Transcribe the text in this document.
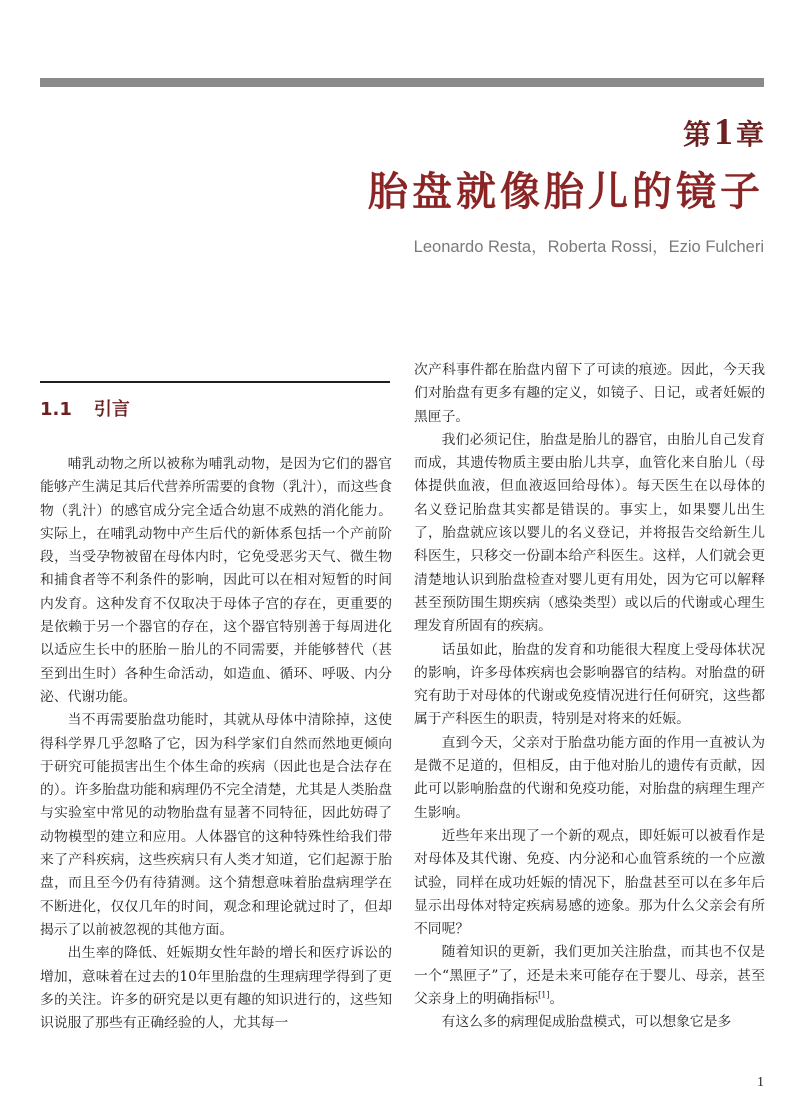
第1 章
胎盘就像胎儿的镜子

Leonardo Resta，Roberta Rossi，Ezio Fulcheri

1.1 引言

哺乳动物之所以被称为哺乳动物，是因为它们的器官能够产生满足其后代营养所需要的食物（乳汁），而这些食物（乳汁）的感官成分完全适合幼崽不成熟的消化能力。实际上，在哺乳动物中产生后代的新体系包括一个产前阶段，当受孕物被留在母体内时，它免受恶劣天气、微生物和捕食者等不利条件的影响，因此可以在相对短暂的时间内发育。这种发育不仅取决于母体子宫的存在，更重要的是依赖于另一个器官的存在，这个器官特别善于每周进化以适应生长中的胚胎－胎儿的不同需要，并能够替代（甚至到出生时）各种生命活动，如造血、循环、呼吸、内分泌、代谢功能。

当不再需要胎盘功能时，其就从母体中清除掉，这使得科学界几乎忽略了它，因为科学家们自然而然地更倾向于研究可能损害出生个体生命的疾病（因此也是合法存在的）。许多胎盘功能和病理仍不完全清楚，尤其是人类胎盘与实验室中常见的动物胎盘有显著不同特征，因此妨碍了动物模型的建立和应用。人体器官的这种特殊性给我们带来了产科疾病，这些疾病只有人类才知道，它们起源于胎盘，而且至今仍有待猜测。这个猜想意味着胎盘病理学在不断进化，仅仅几年的时间，观念和理论就过时了，但却揭示了以前被忽视的其他方面。

出生率的降低、妊娠期女性年龄的增长和医疗诉讼的增加，意味着在过去的10年里胎盘的生理病理学得到了更多的关注。许多的研究是以更有趣的知识进行的，这些知识说服了那些有正确经验的人，尤其每一

次产科事件都在胎盘内留下了可读的痕迹。因此，今天我们对胎盘有更多有趣的定义，如镜子、日记，或者妊娠的黑匣子。

我们必须记住，胎盘是胎儿的器官，由胎儿自己发育而成，其遗传物质主要由胎儿共享，血管化来自胎儿（母体提供血液，但血液返回给母体）。每天医生在以母体的名义登记胎盘其实都是错误的。事实上，如果婴儿出生了，胎盘就应该以婴儿的名义登记，并将报告交给新生儿科医生，只移交一份副本给产科医生。这样，人们就会更清楚地认识到胎盘检查对婴儿更有用处，因为它可以解释甚至预防围生期疾病（感染类型）或以后的代谢或心理生理发育所固有的疾病。

话虽如此，胎盘的发育和功能很大程度上受母体状况的影响，许多母体疾病也会影响器官的结构。对胎盘的研究有助于对母体的代谢或免疫情况进行任何研究，这些都属于产科医生的职责，特别是对将来的妊娠。

直到今天，父亲对于胎盘功能方面的作用一直被认为是微不足道的，但相反，由于他对胎儿的遗传有贡献，因此可以影响胎盘的代谢和免疫功能，对胎盘的病理生理产生影响。

近些年来出现了一个新的观点，即妊娠可以被看作是对母体及其代谢、免疫、内分泌和心血管系统的一个应激试验，同样在成功妊娠的情况下，胎盘甚至可以在多年后显示出母体对特定疾病易感的迹象。那为什么父亲会有所不同呢？

随着知识的更新，我们更加关注胎盘，而其也不仅是一个“黑匣子”了，还是未来可能存在于婴儿、母亲，甚至父亲身上的明确指标[1]。

有这么多的病理促成胎盘模式，可以想象它是多

1
